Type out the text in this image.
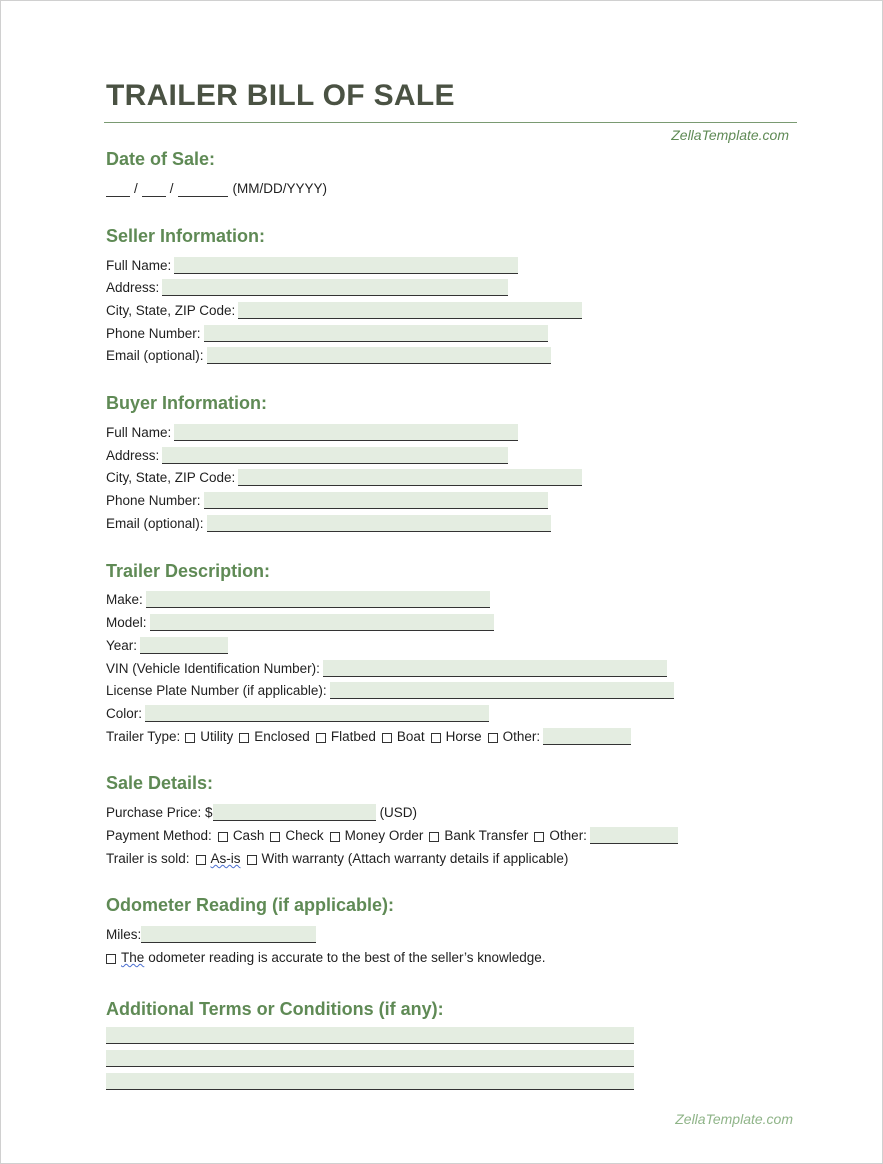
TRAILER BILL OF SALE
ZellaTemplate.com
Date of Sale:
/ /	(MM/DD/YYYY)
Seller Information:
Full Name:
Address:
City, State, ZIP Code:
Phone Number:
Email (optional):
Buyer Information:
Full Name:
Address:
City, State, ZIP Code:
Phone Number:
Email (optional):
Trailer Description:
Make:
Model:
Year:
VIN (Vehicle Identification Number):
License Plate Number (if applicable):
Color:
Trailer Type: Utility Enclosed Flatbed Boat Horse Other:
Sale Details:
Purchase Price: $	(USD)
Payment Method: Cash Check Money Order Bank Transfer Other:
Trailer is sold: As-is With warranty (Attach warranty details if applicable)
Odometer Reading (if applicable):
Miles:
The odometer reading is accurate to the best of the seller’s knowledge.
Additional Terms or Conditions (if any):
ZellaTemplate.com
